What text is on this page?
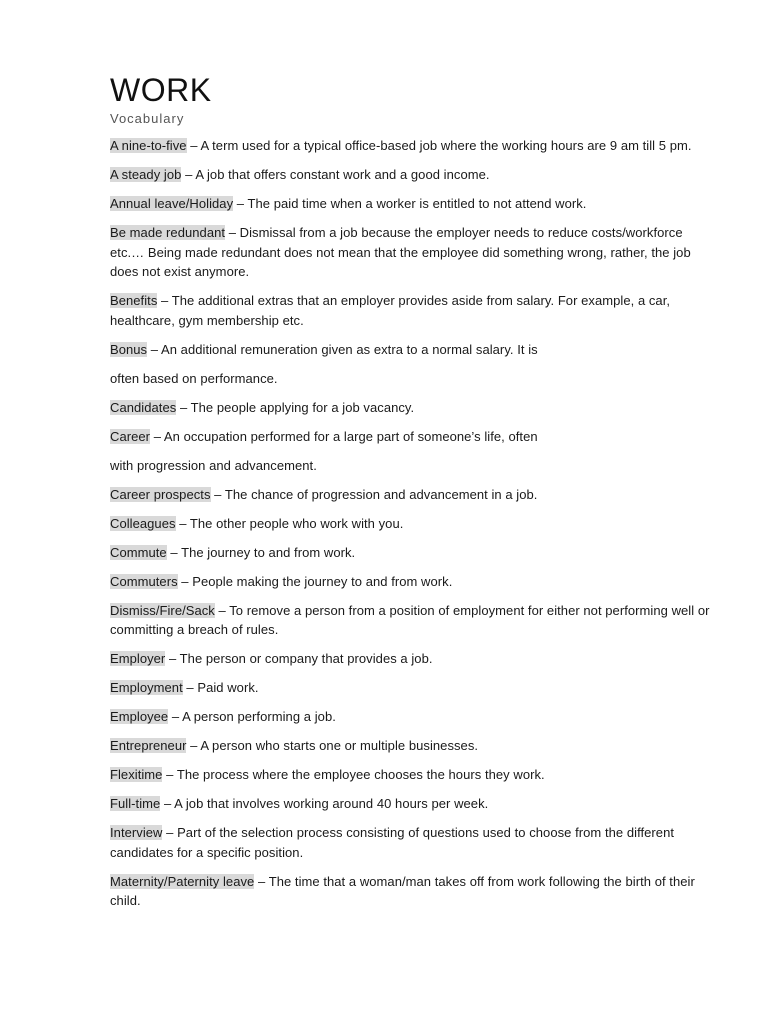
WORK
Vocabulary

A nine-to-five – A term used for a typical office-based job where the working hours are 9 am till 5 pm.

A steady job – A job that offers constant work and a good income.

Annual leave/Holiday – The paid time when a worker is entitled to not attend work.

Be made redundant – Dismissal from a job because the employer needs to reduce costs/workforce etc.… Being made redundant does not mean that the employee did something wrong, rather, the job does not exist anymore.

Benefits – The additional extras that an employer provides aside from salary. For example, a car, healthcare, gym membership etc.

Bonus – An additional remuneration given as extra to a normal salary. It is

often based on performance.

Candidates – The people applying for a job vacancy.

Career – An occupation performed for a large part of someone’s life, often

with progression and advancement.

Career prospects – The chance of progression and advancement in a job.

Colleagues – The other people who work with you.

Commute – The journey to and from work.

Commuters – People making the journey to and from work.

Dismiss/Fire/Sack – To remove a person from a position of employment for either not performing well or committing a breach of rules.

Employer – The person or company that provides a job.

Employment – Paid work.

Employee – A person performing a job.

Entrepreneur – A person who starts one or multiple businesses.

Flexitime – The process where the employee chooses the hours they work.

Full-time – A job that involves working around 40 hours per week.

Interview – Part of the selection process consisting of questions used to choose from the different candidates for a specific position.

Maternity/Paternity leave – The time that a woman/man takes off from work following the birth of their child.
